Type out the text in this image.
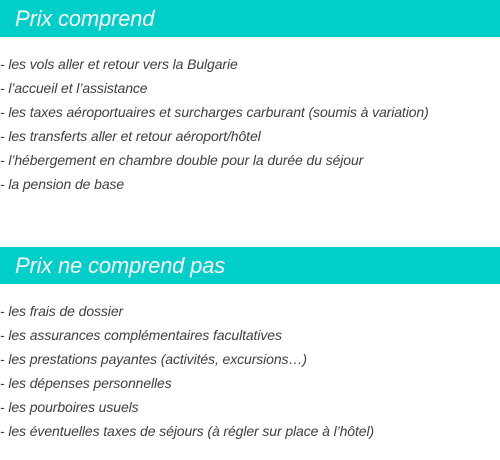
Prix comprend
- les vols aller et retour vers la Bulgarie
- l’accueil et l’assistance
- les taxes aéroportuaires et surcharges carburant (soumis à variation)
- les transferts aller et retour aéroport/hôtel
- l’hébergement en chambre double pour la durée du séjour
- la pension de base
Prix ne comprend pas
- les frais de dossier
- les assurances complémentaires facultatives
- les prestations payantes (activités, excursions…)
- les dépenses personnelles
- les pourboires usuels
- les éventuelles taxes de séjours (à régler sur place à l’hôtel)
